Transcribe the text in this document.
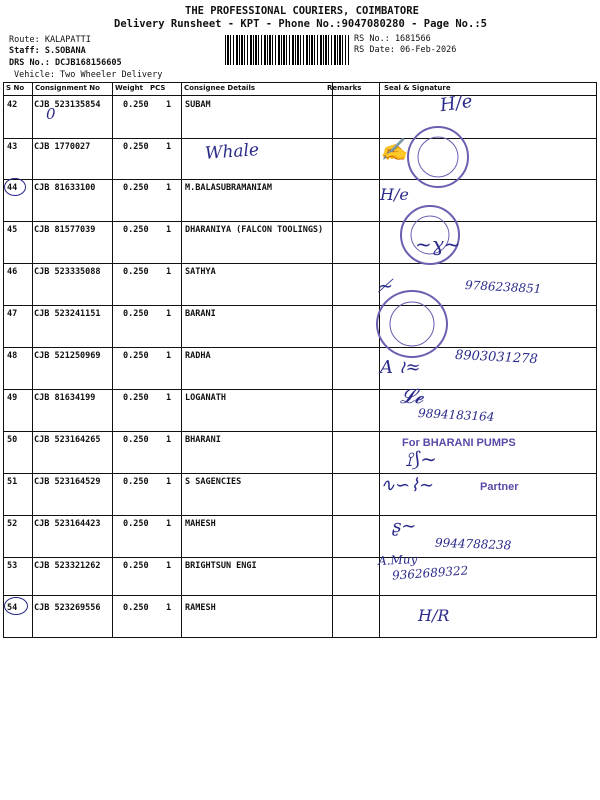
THE PROFESSIONAL COURIERS, COIMBATORE
Delivery Runsheet - KPT - Phone No.:9047080280 - Page No.:5
Route: KALAPATTI
Staff: S.SOBANA
DRS No.: DCJB168156605
Vehicle: Two Wheeler Delivery
RS No.: 1681566
RS Date: 06-Feb-2026
S No Consignment No Weight PCS	Consignee Details	Remarks	Seal & Signature
42 CJB 523135854	0.250 1 SUBAM
43 CJB 1770027	0.250 1
44 CJB 81633100	0.250 1 M.BALASUBRAMANIAM
45 CJB 81577039	0.250 1 DHARANIYA (FALCON TOOLINGS)
46 CJB 523335088	0.250 1 SATHYA
47 CJB 523241151	0.250 1 BARANI
48 CJB 521250969	0.250 1 RADHA
49 CJB 81634199	0.250 1 LOGANATH
50 CJB 523164265	0.250 1 BHARANI
51 CJB 523164529	0.250 1 S SAGENCIES
52 CJB 523164423	0.250 1 MAHESH
53 CJB 523321262	0.250 1 BRIGHTSUN ENGI
54 CJB 523269556	0.250 1 RAMESH
0
Whale
H/e
✍
H/e
~ɣ~
9786238851
≁
8903031278
A ≀≈
𝓛𝓮
9894183164
For BHARANI PUMPS
⟟⟆∼
∿∽⌇∼	Partner
ʂ∼
9944788238
A.Muy
9362689322
H/R
